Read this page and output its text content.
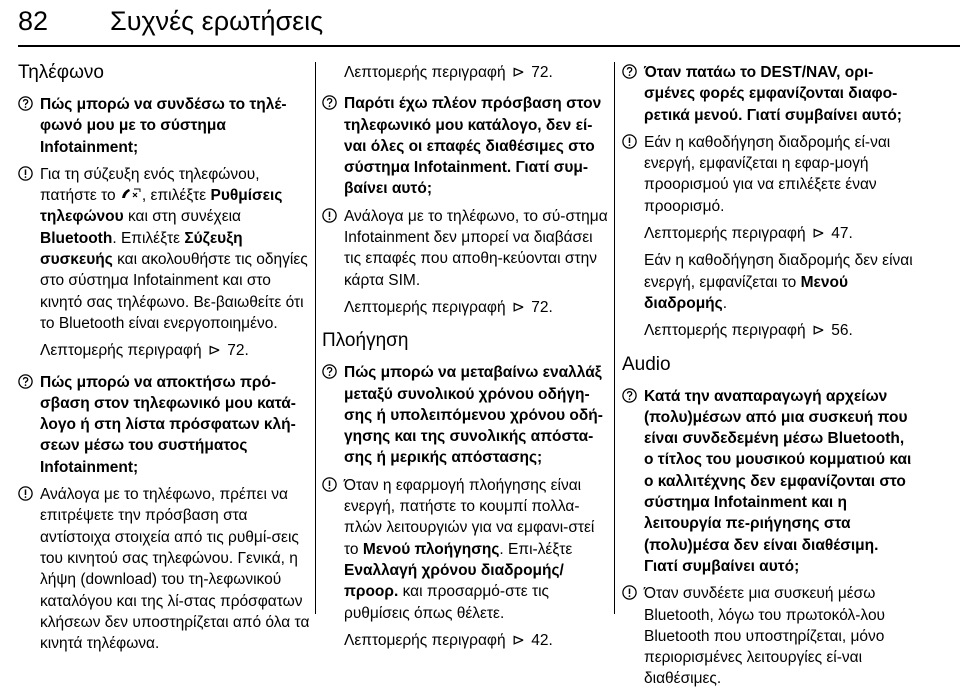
82 Συχνές ερωτήσεις
Τηλέφωνο
Πώς μπορώ να συνδέσω το τηλέ-φωνό μου με το σύστημα Infotainment;
Για τη σύζευξη ενός τηλεφώνου, πατήστε το , επιλέξτε Ρυθμίσεις τηλεφώνου και στη συνέχεια Bluetooth. Επιλέξτε Σύζευξη συσκευής και ακολουθήστε τις οδηγίες στο σύστημα Infotainment και στο κινητό σας τηλέφωνο. Βε-βαιωθείτε ότι το Bluetooth είναι ενεργοποιημένο.
Λεπτομερής περιγραφή ⊳ 72.
Πώς μπορώ να αποκτήσω πρό-σβαση στον τηλεφωνικό μου κατά-λογο ή στη λίστα πρόσφατων κλή-σεων μέσω του συστήματος Infotainment;
Ανάλογα με το τηλέφωνο, πρέπει να επιτρέψετε την πρόσβαση στα αντίστοιχα στοιχεία από τις ρυθμί-σεις του κινητού σας τηλεφώνου. Γενικά, η λήψη (download) του τη-λεφωνικού καταλόγου και της λί-στας πρόσφατων κλήσεων δεν υποστηρίζεται από όλα τα κινητά τηλέφωνα.
Λεπτομερής περιγραφή ⊳ 72.
Παρότι έχω πλέον πρόσβαση στον τηλεφωνικό μου κατάλογο, δεν εί-ναι όλες οι επαφές διαθέσιμες στο σύστημα Infotainment. Γιατί συμ-βαίνει αυτό;
Ανάλογα με το τηλέφωνο, το σύ-στημα Infotainment δεν μπορεί να διαβάσει τις επαφές που αποθη-κεύονται στην κάρτα SIM.
Λεπτομερής περιγραφή ⊳ 72.
Πλοήγηση
Πώς μπορώ να μεταβαίνω εναλλάξ μεταξύ συνολικού χρόνου οδήγη-σης ή υπολειπόμενου χρόνου οδή-γησης και της συνολικής απόστα-σης ή μερικής απόστασης;
Όταν η εφαρμογή πλοήγησης είναι ενεργή, πατήστε το κουμπί πολλα-πλών λειτουργιών για να εμφανι-στεί το Μενού πλοήγησης. Επι-λέξτε Εναλλαγή χρόνου διαδρομής/προορ. και προσαρμό-στε τις ρυθμίσεις όπως θέλετε.
Λεπτομερής περιγραφή ⊳ 42.
Όταν πατάω το DEST/NAV, ορι-σμένες φορές εμφανίζονται διαφο-ρετικά μενού. Γιατί συμβαίνει αυτό;
Εάν η καθοδήγηση διαδρομής εί-ναι ενεργή, εμφανίζεται η εφαρ-μογή προορισμού για να επιλέξετε έναν προορισμό.
Λεπτομερής περιγραφή ⊳ 47.
Εάν η καθοδήγηση διαδρομής δεν είναι ενεργή, εμφανίζεται το Μενού διαδρομής.
Λεπτομερής περιγραφή ⊳ 56.
Audio
Κατά την αναπαραγωγή αρχείων (πολυ)μέσων από μια συσκευή που είναι συνδεδεμένη μέσω Bluetooth, ο τίτλος του μουσικού κομματιού και ο καλλιτέχνης δεν εμφανίζονται στο σύστημα Infotainment και η λειτουργία πε-ριήγησης στα (πολυ)μέσα δεν είναι διαθέσιμη. Γιατί συμβαίνει αυτό;
Όταν συνδέετε μια συσκευή μέσω Bluetooth, λόγω του πρωτοκόλ-λου Bluetooth που υποστηρίζεται, μόνο περιορισμένες λειτουργίες εί-ναι διαθέσιμες.
